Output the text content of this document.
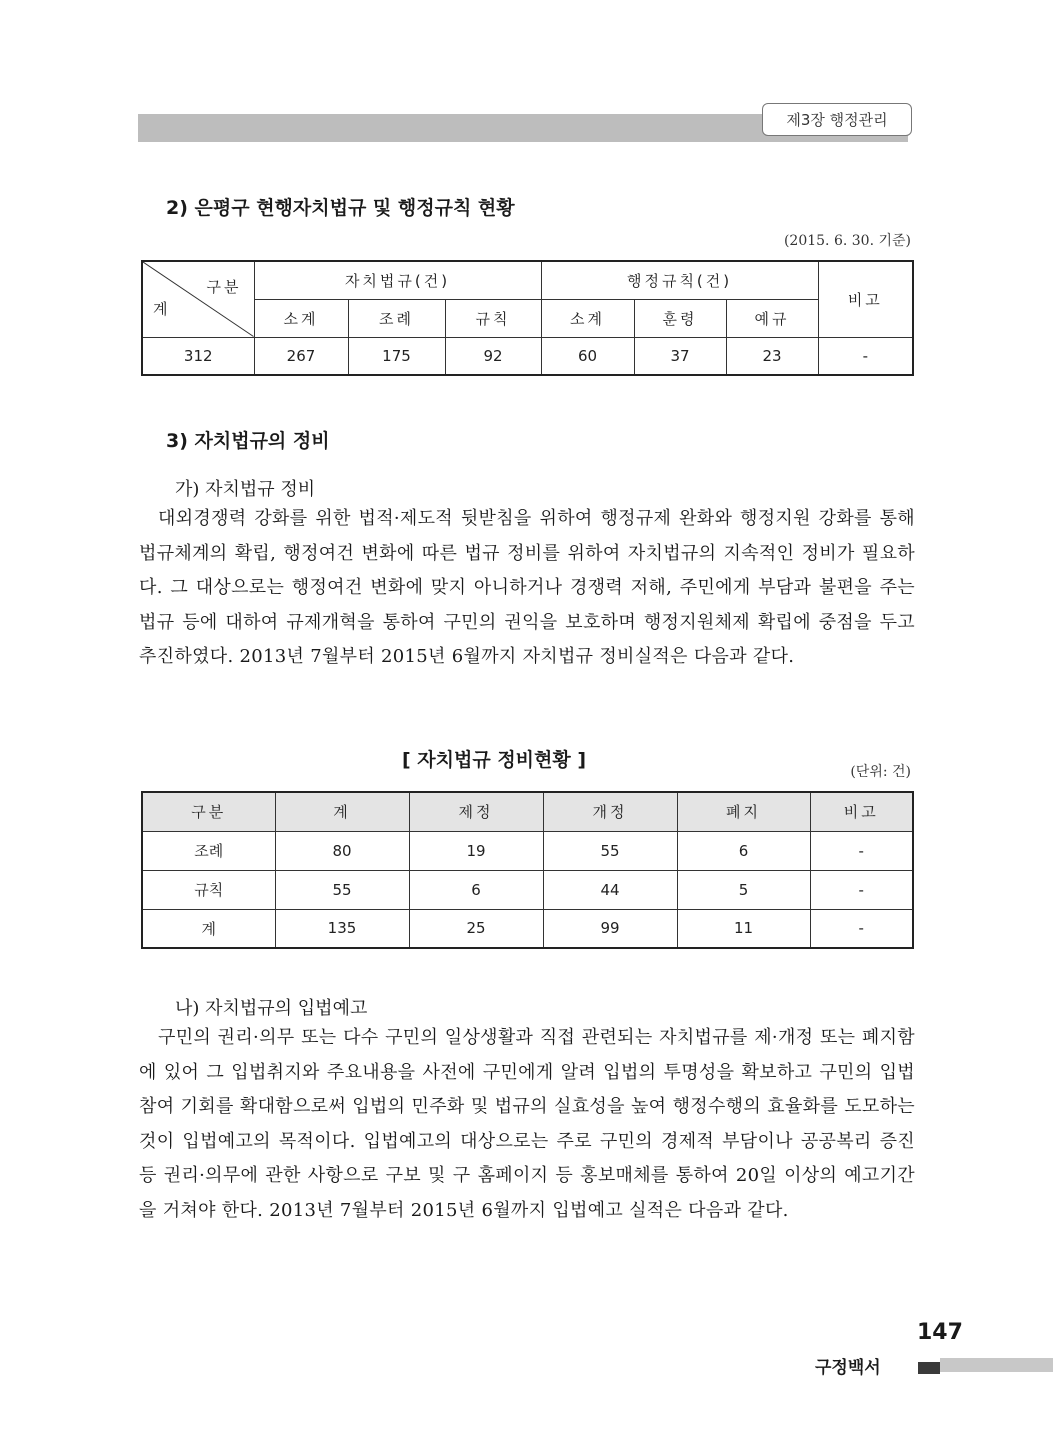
제3장 행정관리
2) 은평구 현행자치법규 및 행정규칙 현황
(2015. 6. 30. 기준)
구분
계	자치법규(건)			행정규칙(건)			비고
	소계	조례	규칙	소계	훈령	예규	
312	267	175	92	60	37	23	-
3) 자치법규의 정비
가) 자치법규 정비

대외경쟁력 강화를 위한 법적·제도적 뒷받침을 위하여 행정규제 완화와 행정지원 강화를 통해 법규체계의 확립, 행정여건 변화에 따른 법규 정비를 위하여 자치법규의 지속적인 정비가 필요하다. 그 대상으로는 행정여건 변화에 맞지 아니하거나 경쟁력 저해, 주민에게 부담과 불편을 주는 법규 등에 대하여 규제개혁을 통하여 구민의 권익을 보호하며 행정지원체제 확립에 중점을 두고 추진하였다. 2013년 7월부터 2015년 6월까지 자치법규 정비실적은 다음과 같다.

[ 자치법규 정비현황 ]
(단위: 건)
구분	계	제정	개정	폐지	비고
조례	80	19	55	6	-
규칙	55	6	44	5	-
계	135	25	99	11	-
나) 자치법규의 입법예고

구민의 권리·의무 또는 다수 구민의 일상생활과 직접 관련되는 자치법규를 제·개정 또는 폐지함에 있어 그 입법취지와 주요내용을 사전에 구민에게 알려 입법의 투명성을 확보하고 구민의 입법참여 기회를 확대함으로써 입법의 민주화 및 법규의 실효성을 높여 행정수행의 효율화를 도모하는 것이 입법예고의 목적이다. 입법예고의 대상으로는 주로 구민의 경제적 부담이나 공공복리 증진 등 권리·의무에 관한 사항으로 구보 및 구 홈페이지 등 홍보매체를 통하여 20일 이상의 예고기간을 거쳐야 한다. 2013년 7월부터 2015년 6월까지 입법예고 실적은 다음과 같다.

147
구정백서
